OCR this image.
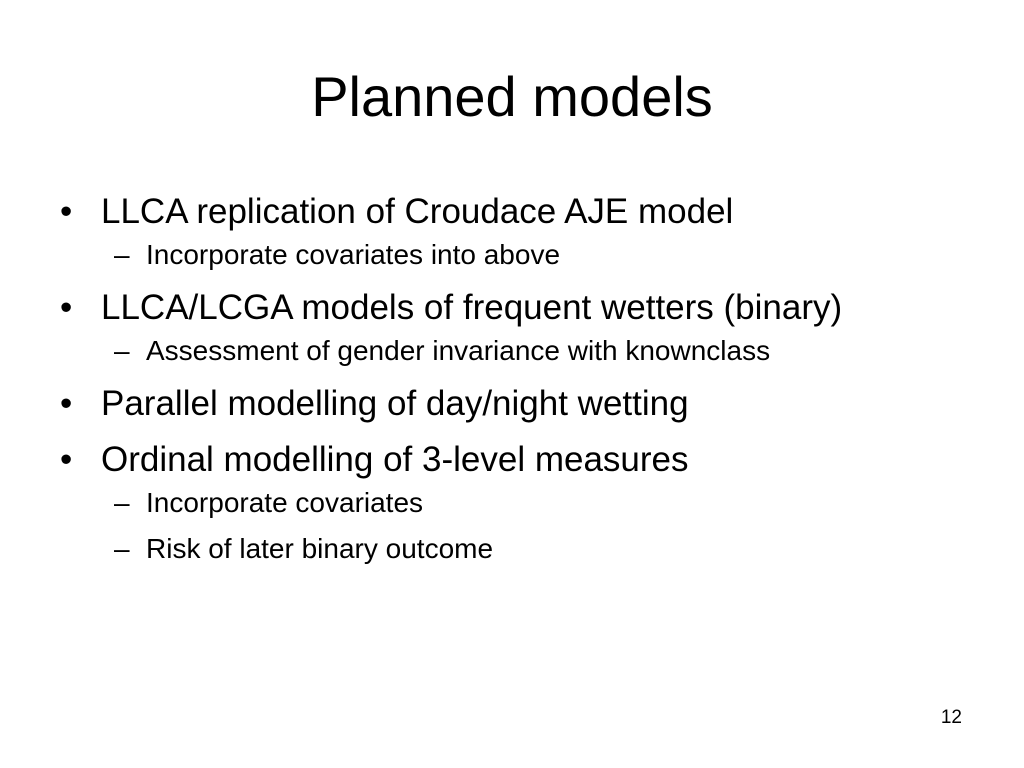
Planned models
• LLCA replication of Croudace AJE model
– Incorporate covariates into above
• LLCA/LCGA models of frequent wetters (binary)
– Assessment of gender invariance with knownclass
• Parallel modelling of day/night wetting
• Ordinal modelling of 3-level measures
– Incorporate covariates
– Risk of later binary outcome
12
